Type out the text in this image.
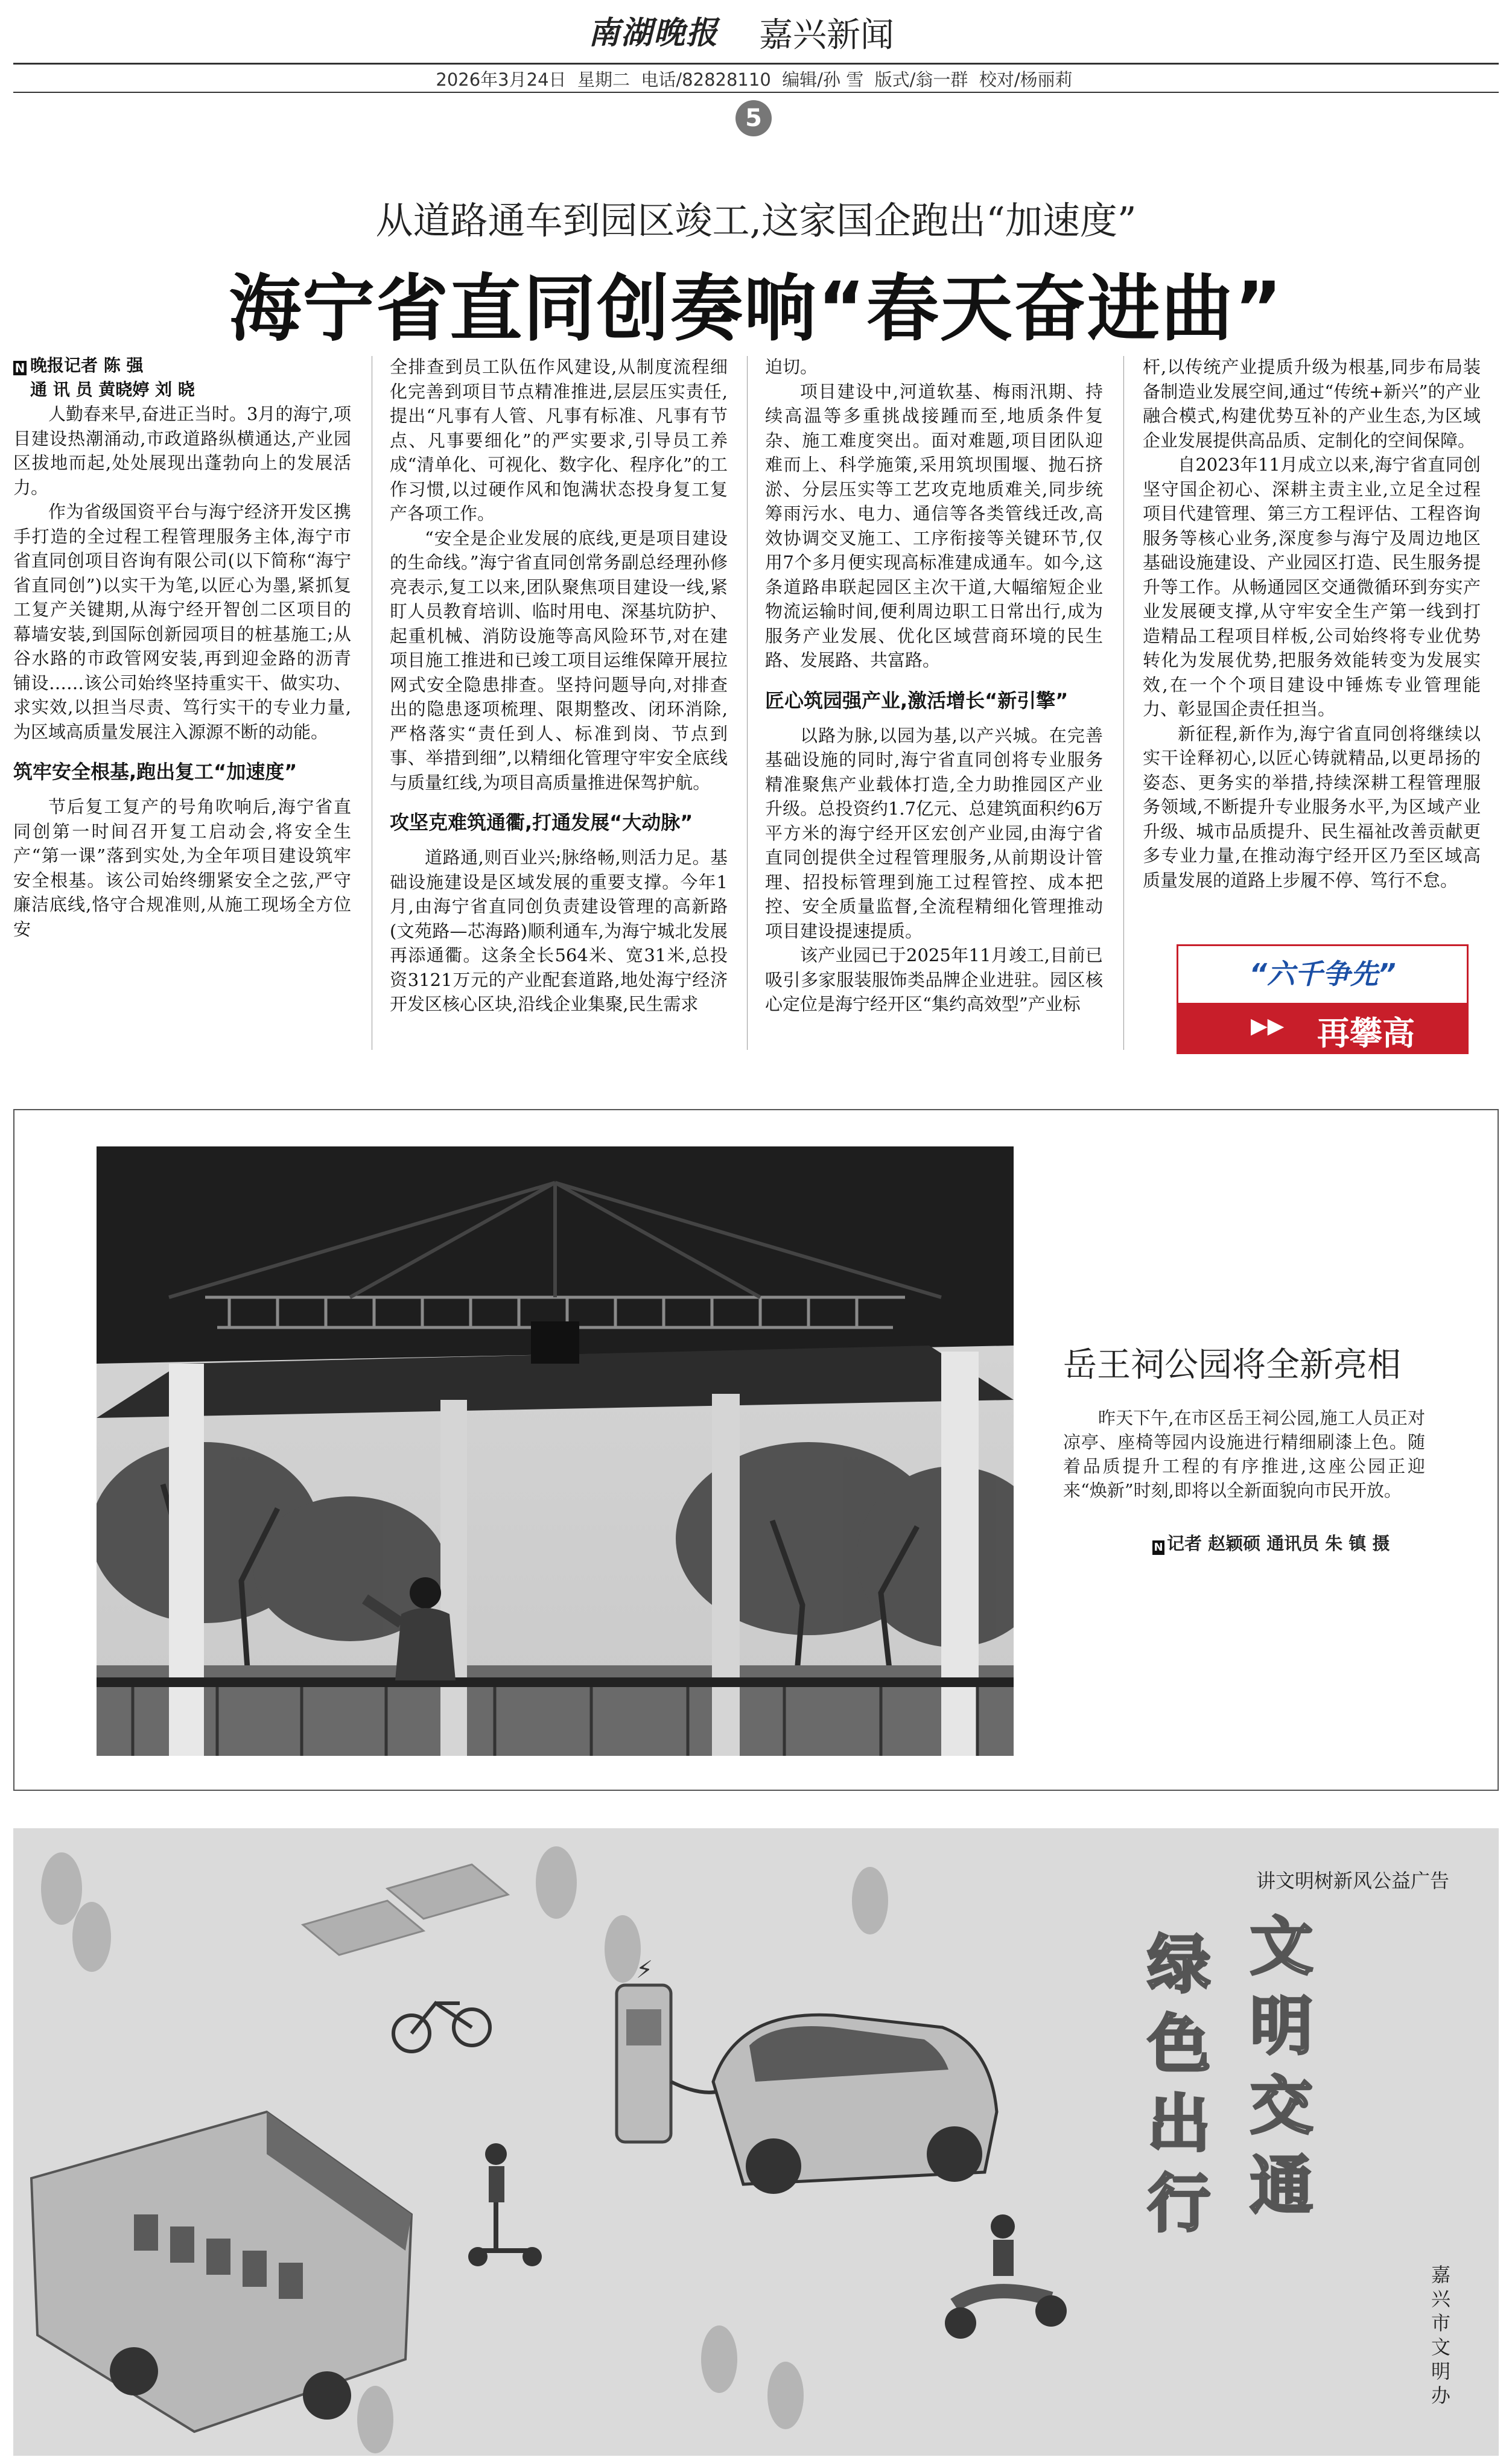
南湖晚报 嘉兴新闻
2026年3月24日  星期二  电话/82828110  编辑/孙 雪  版式/翁一群  校对/杨丽莉
5
从道路通车到园区竣工,这家国企跑出“加速度”
海宁省直同创奏响“春天奋进曲”
N 晚报记者 陈 强
通 讯 员 黄晓婷 刘 晓

人勤春来早,奋进正当时。3月的海宁,项目建设热潮涌动,市政道路纵横通达,产业园区拔地而起,处处展现出蓬勃向上的发展活力。

作为省级国资平台与海宁经济开发区携手打造的全过程工程管理服务主体,海宁市省直同创项目咨询有限公司(以下简称“海宁省直同创”)以实干为笔,以匠心为墨,紧抓复工复产关键期,从海宁经开智创二区项目的幕墙安装,到国际创新园项目的桩基施工;从谷水路的市政管网安装,再到迎金路的沥青铺设……该公司始终坚持重实干、做实功、求实效,以担当尽责、笃行实干的专业力量,为区域高质量发展注入源源不断的动能。

筑牢安全根基,跑出复工“加速度”

节后复工复产的号角吹响后,海宁省直同创第一时间召开复工启动会,将安全生产“第一课”落到实处,为全年项目建设筑牢安全根基。该公司始终绷紧安全之弦,严守廉洁底线,恪守合规准则,从施工现场全方位安

全排查到员工队伍作风建设,从制度流程细化完善到项目节点精准推进,层层压实责任,提出“凡事有人管、凡事有标准、凡事有节点、凡事要细化”的严实要求,引导员工养成“清单化、可视化、数字化、程序化”的工作习惯,以过硬作风和饱满状态投身复工复产各项工作。

“安全是企业发展的底线,更是项目建设的生命线。”海宁省直同创常务副总经理孙修亮表示,复工以来,团队聚焦项目建设一线,紧盯人员教育培训、临时用电、深基坑防护、起重机械、消防设施等高风险环节,对在建项目施工推进和已竣工项目运维保障开展拉网式安全隐患排查。坚持问题导向,对排查出的隐患逐项梳理、限期整改、闭环消除,严格落实“责任到人、标准到岗、节点到事、举措到细”,以精细化管理守牢安全底线与质量红线,为项目高质量推进保驾护航。

攻坚克难筑通衢,打通发展“大动脉”

道路通,则百业兴;脉络畅,则活力足。基础设施建设是区域发展的重要支撑。今年1月,由海宁省直同创负责建设管理的高新路(文苑路—芯海路)顺利通车,为海宁城北发展再添通衢。这条全长564米、宽31米,总投资3121万元的产业配套道路,地处海宁经济开发区核心区块,沿线企业集聚,民生需求

迫切。

项目建设中,河道软基、梅雨汛期、持续高温等多重挑战接踵而至,地质条件复杂、施工难度突出。面对难题,项目团队迎难而上、科学施策,采用筑坝围堰、抛石挤淤、分层压实等工艺攻克地质难关,同步统筹雨污水、电力、通信等各类管线迁改,高效协调交叉施工、工序衔接等关键环节,仅用7个多月便实现高标准建成通车。如今,这条道路串联起园区主次干道,大幅缩短企业物流运输时间,便利周边职工日常出行,成为服务产业发展、优化区域营商环境的民生路、发展路、共富路。

匠心筑园强产业,激活增长“新引擎”

以路为脉,以园为基,以产兴城。在完善基础设施的同时,海宁省直同创将专业服务精准聚焦产业载体打造,全力助推园区产业升级。总投资约1.7亿元、总建筑面积约6万平方米的海宁经开区宏创产业园,由海宁省直同创提供全过程管理服务,从前期设计管理、招投标管理到施工过程管控、成本把控、安全质量监督,全流程精细化管理推动项目建设提速提质。

该产业园已于2025年11月竣工,目前已吸引多家服装服饰类品牌企业进驻。园区核心定位是海宁经开区“集约高效型”产业标

杆,以传统产业提质升级为根基,同步布局装备制造业发展空间,通过“传统+新兴”的产业融合模式,构建优势互补的产业生态,为区域企业发展提供高品质、定制化的空间保障。

自2023年11月成立以来,海宁省直同创坚守国企初心、深耕主责主业,立足全过程项目代建管理、第三方工程评估、工程咨询服务等核心业务,深度参与海宁及周边地区基础设施建设、产业园区打造、民生服务提升等工作。从畅通园区交通微循环到夯实产业发展硬支撑,从守牢安全生产第一线到打造精品工程项目样板,公司始终将专业优势转化为发展优势,把服务效能转变为发展实效,在一个个项目建设中锤炼专业管理能力、彰显国企责任担当。

新征程,新作为,海宁省直同创将继续以实干诠释初心,以匠心铸就精品,以更昂扬的姿态、更务实的举措,持续深耕工程管理服务领域,不断提升专业服务水平,为区域产业升级、城市品质提升、民生福祉改善贡献更多专业力量,在推动海宁经开区乃至区域高质量发展的道路上步履不停、笃行不怠。

“六千争先”
▶▶ 再攀高
岳王祠公园将全新亮相
昨天下午,在市区岳王祠公园,施工人员正对凉亭、座椅等园内设施进行精细刷漆上色。随着品质提升工程的有序推进,这座公园正迎来“焕新”时刻,即将以全新面貌向市民开放。
N 记者 赵颖硕 通讯员 朱 镇 摄
⚡
讲文明树新风公益广告
文明交通
绿色出行
嘉兴市文明办
